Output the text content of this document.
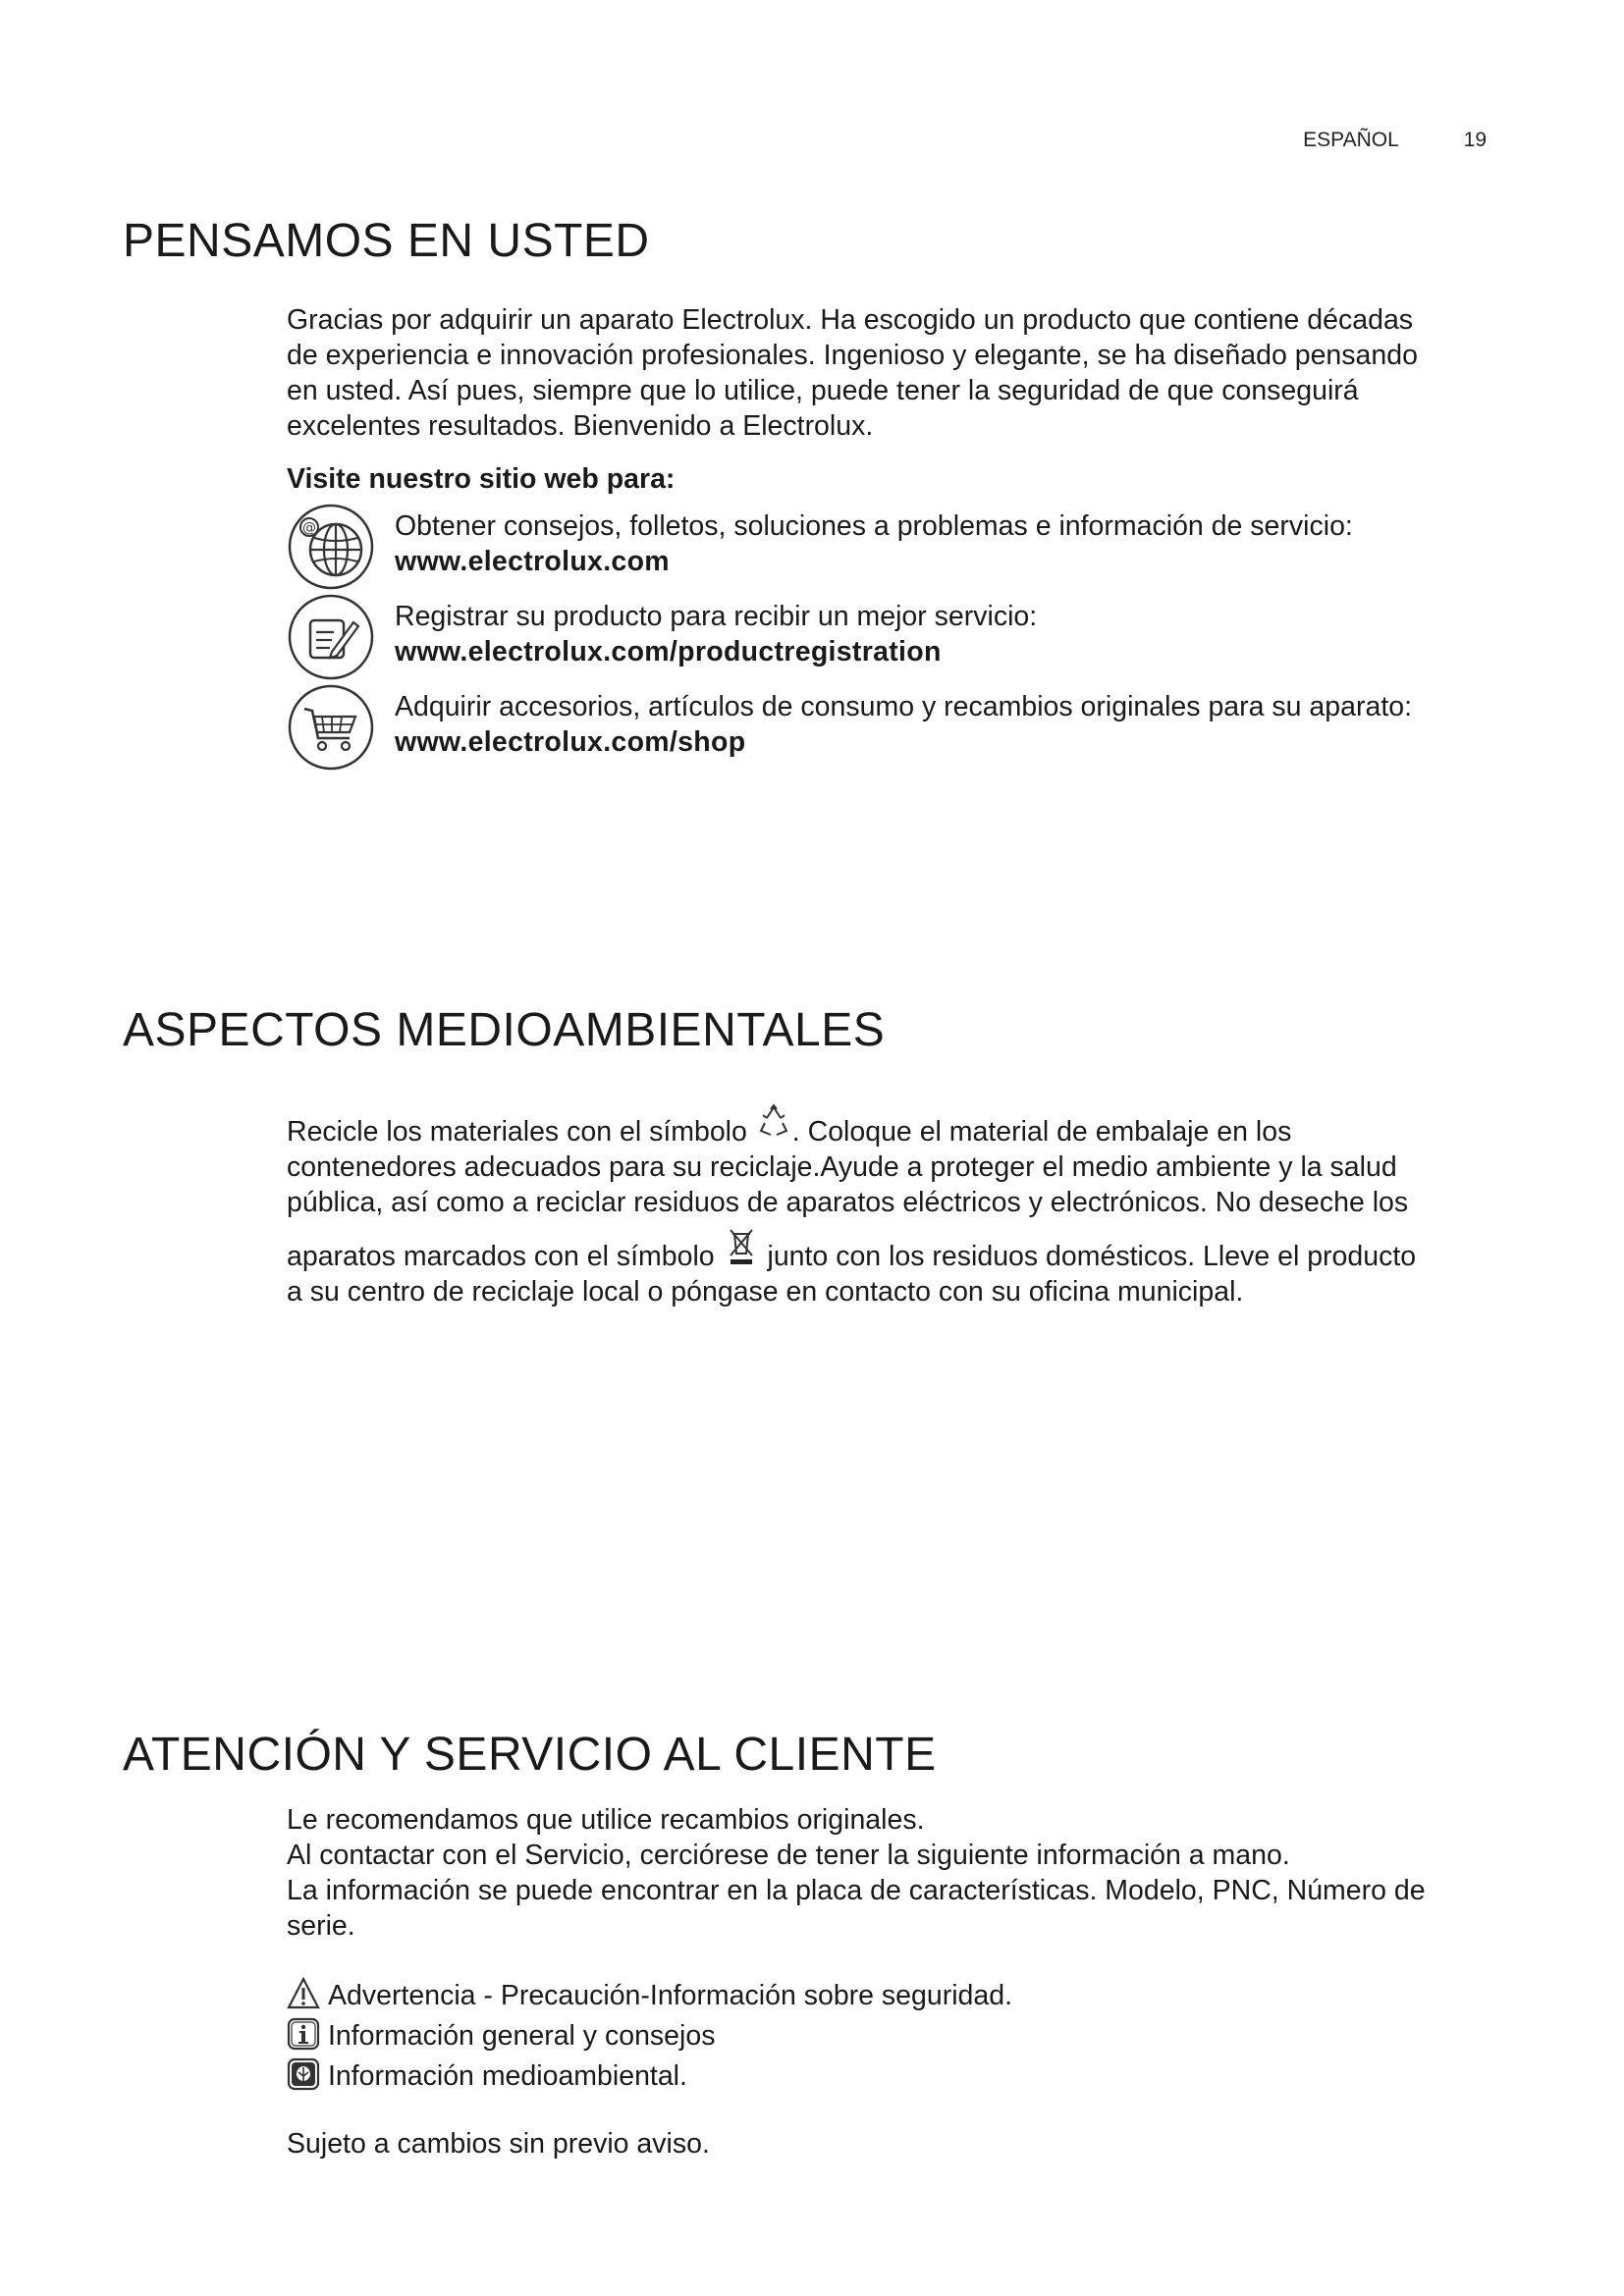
ESPAÑOL	19
PENSAMOS EN USTED
Gracias por adquirir un aparato Electrolux. Ha escogido un producto que contiene décadas
de experiencia e innovación profesionales. Ingenioso y elegante, se ha diseñado pensando
en usted. Así pues, siempre que lo utilice, puede tener la seguridad de que conseguirá
excelentes resultados. Bienvenido a Electrolux.
Visite nuestro sitio web para:
@	Obtener consejos, folletos, soluciones a problemas e información de servicio:
www.electrolux.com
Registrar su producto para recibir un mejor servicio:
www.electrolux.com/productregistration
Adquirir accesorios, artículos de consumo y recambios originales para su aparato:
www.electrolux.com/shop
ASPECTOS MEDIOAMBIENTALES
Recicle los materiales con el símbolo . Coloque el material de embalaje en los
contenedores adecuados para su reciclaje.Ayude a proteger el medio ambiente y la salud
pública, así como a reciclar residuos de aparatos eléctricos y electrónicos. No deseche los
aparatos marcados con el símbolo  junto con los residuos domésticos. Lleve el producto
a su centro de reciclaje local o póngase en contacto con su oficina municipal.
ATENCIÓN Y SERVICIO AL CLIENTE
Le recomendamos que utilice recambios originales.
Al contactar con el Servicio, cerciórese de tener la siguiente información a mano.
La información se puede encontrar en la placa de características. Modelo, PNC, Número de
serie.
Advertencia - Precaución-Información sobre seguridad.
Información general y consejos
Información medioambiental.
Sujeto a cambios sin previo aviso.
